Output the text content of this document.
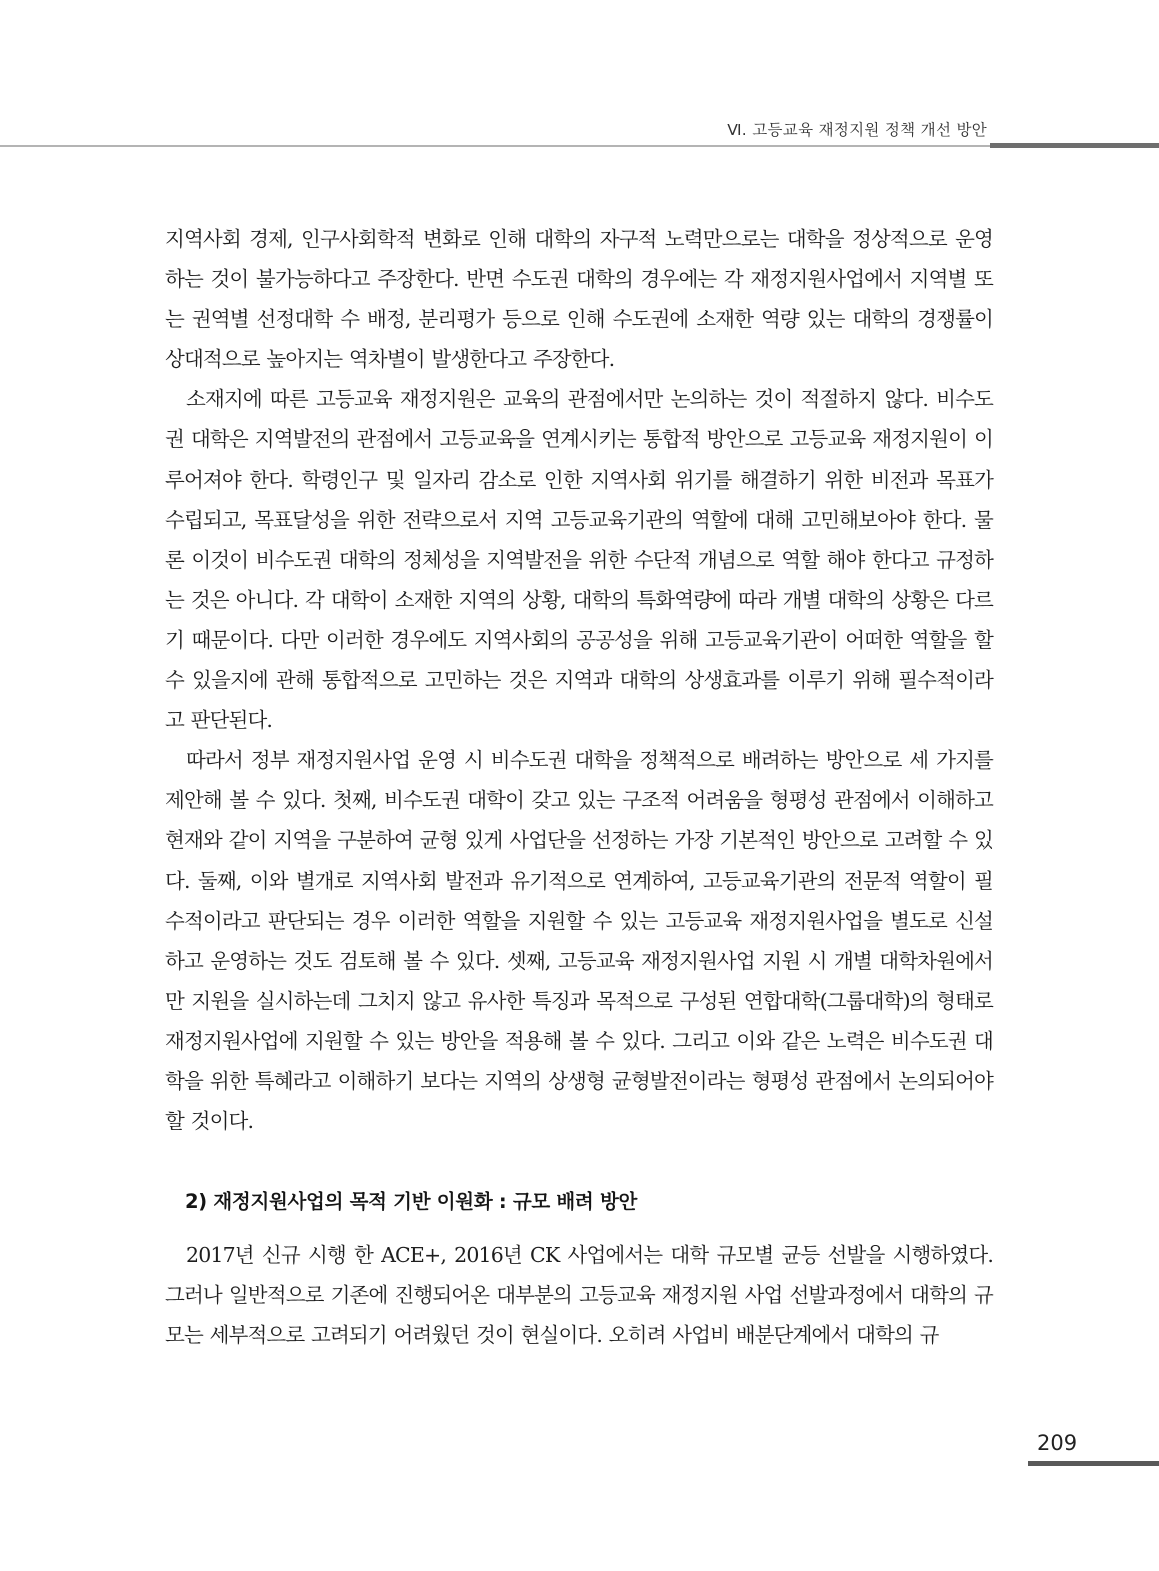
Ⅵ. 고등교육 재정지원 정책 개선 방안

지역사회 경제, 인구사회학적 변화로 인해 대학의 자구적 노력만으로는 대학을 정상적으로 운영하는 것이 불가능하다고 주장한다. 반면 수도권 대학의 경우에는 각 재정지원사업에서 지역별 또는 권역별 선정대학 수 배정, 분리평가 등으로 인해 수도권에 소재한 역량 있는 대학의 경쟁률이 상대적으로 높아지는 역차별이 발생한다고 주장한다.

소재지에 따른 고등교육 재정지원은 교육의 관점에서만 논의하는 것이 적절하지 않다. 비수도권 대학은 지역발전의 관점에서 고등교육을 연계시키는 통합적 방안으로 고등교육 재정지원이 이루어져야 한다. 학령인구 및 일자리 감소로 인한 지역사회 위기를 해결하기 위한 비전과 목표가 수립되고, 목표달성을 위한 전략으로서 지역 고등교육기관의 역할에 대해 고민해보아야 한다. 물론 이것이 비수도권 대학의 정체성을 지역발전을 위한 수단적 개념으로 역할 해야 한다고 규정하는 것은 아니다. 각 대학이 소재한 지역의 상황, 대학의 특화역량에 따라 개별 대학의 상황은 다르기 때문이다. 다만 이러한 경우에도 지역사회의 공공성을 위해 고등교육기관이 어떠한 역할을 할 수 있을지에 관해 통합적으로 고민하는 것은 지역과 대학의 상생효과를 이루기 위해 필수적이라고 판단된다.

따라서 정부 재정지원사업 운영 시 비수도권 대학을 정책적으로 배려하는 방안으로 세 가지를 제안해 볼 수 있다. 첫째, 비수도권 대학이 갖고 있는 구조적 어려움을 형평성 관점에서 이해하고 현재와 같이 지역을 구분하여 균형 있게 사업단을 선정하는 가장 기본적인 방안으로 고려할 수 있다. 둘째, 이와 별개로 지역사회 발전과 유기적으로 연계하여, 고등교육기관의 전문적 역할이 필수적이라고 판단되는 경우 이러한 역할을 지원할 수 있는 고등교육 재정지원사업을 별도로 신설하고 운영하는 것도 검토해 볼 수 있다. 셋째, 고등교육 재정지원사업 지원 시 개별 대학차원에서만 지원을 실시하는데 그치지 않고 유사한 특징과 목적으로 구성된 연합대학(그룹대학)의 형태로 재정지원사업에 지원할 수 있는 방안을 적용해 볼 수 있다. 그리고 이와 같은 노력은 비수도권 대학을 위한 특혜라고 이해하기 보다는 지역의 상생형 균형발전이라는 형평성 관점에서 논의되어야 할 것이다.

2) 재정지원사업의 목적 기반 이원화 : 규모 배려 방안

2017년 신규 시행 한 ACE+, 2016년 CK 사업에서는 대학 규모별 균등 선발을 시행하였다. 그러나 일반적으로 기존에 진행되어온 대부분의 고등교육 재정지원 사업 선발과정에서 대학의 규모는 세부적으로 고려되기 어려웠던 것이 현실이다. 오히려 사업비 배분단계에서 대학의 규

209
